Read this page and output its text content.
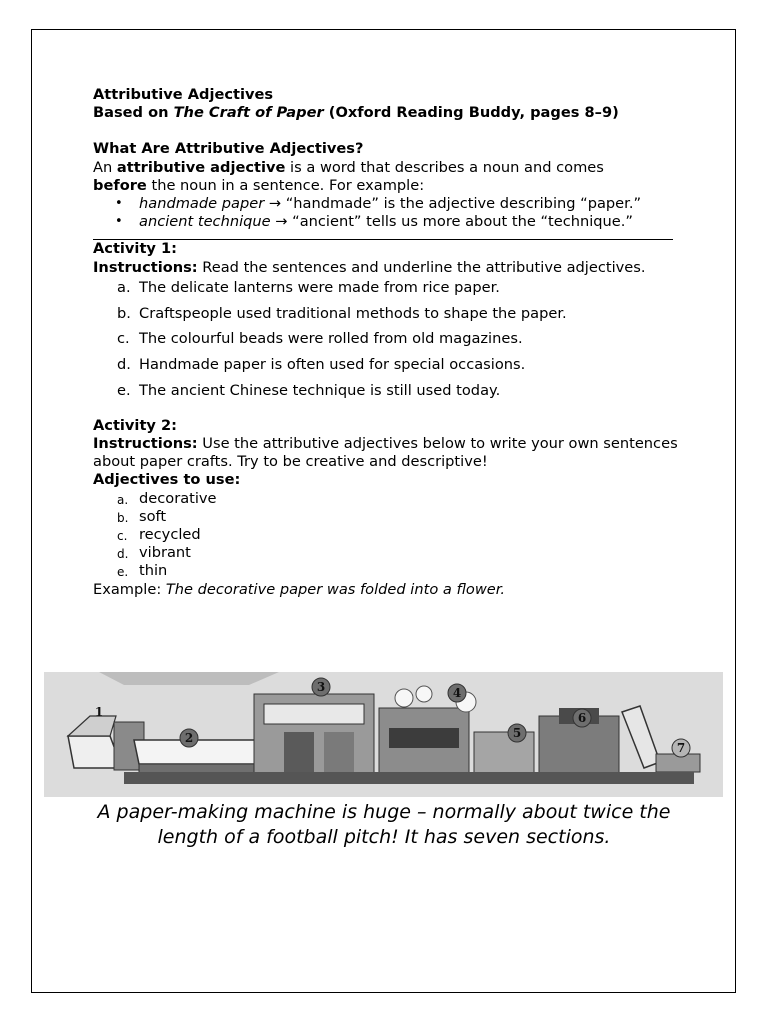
Attributive Adjectives

Based on The Craft of Paper (Oxford Reading Buddy, pages 8–9)

What Are Attributive Adjectives?

An attributive adjective is a word that describes a noun and comes
before the noun in a sentence. For example:

• handmade paper → “handmade” is the adjective describing “paper.”
• ancient technique → “ancient” tells us more about the “technique.”

Activity 1:

Instructions: Read the sentences and underline the attributive adjectives.

a. The delicate lanterns were made from rice paper.
b. Craftspeople used traditional methods to shape the paper.
c. The colourful beads were rolled from old magazines.
d. Handmade paper is often used for special occasions.
e. The ancient Chinese technique is still used today.

Activity 2:

Instructions: Use the attributive adjectives below to write your own sentences about paper crafts. Try to be creative and descriptive!

Adjectives to use:

a. decorative
b. soft
c. recycled
d. vibrant
e. thin

Example: The decorative paper was folded into a flower.

1
2
3	4
5
6
7

A paper-making machine is huge – normally about twice the length of a football pitch! It has seven sections.
